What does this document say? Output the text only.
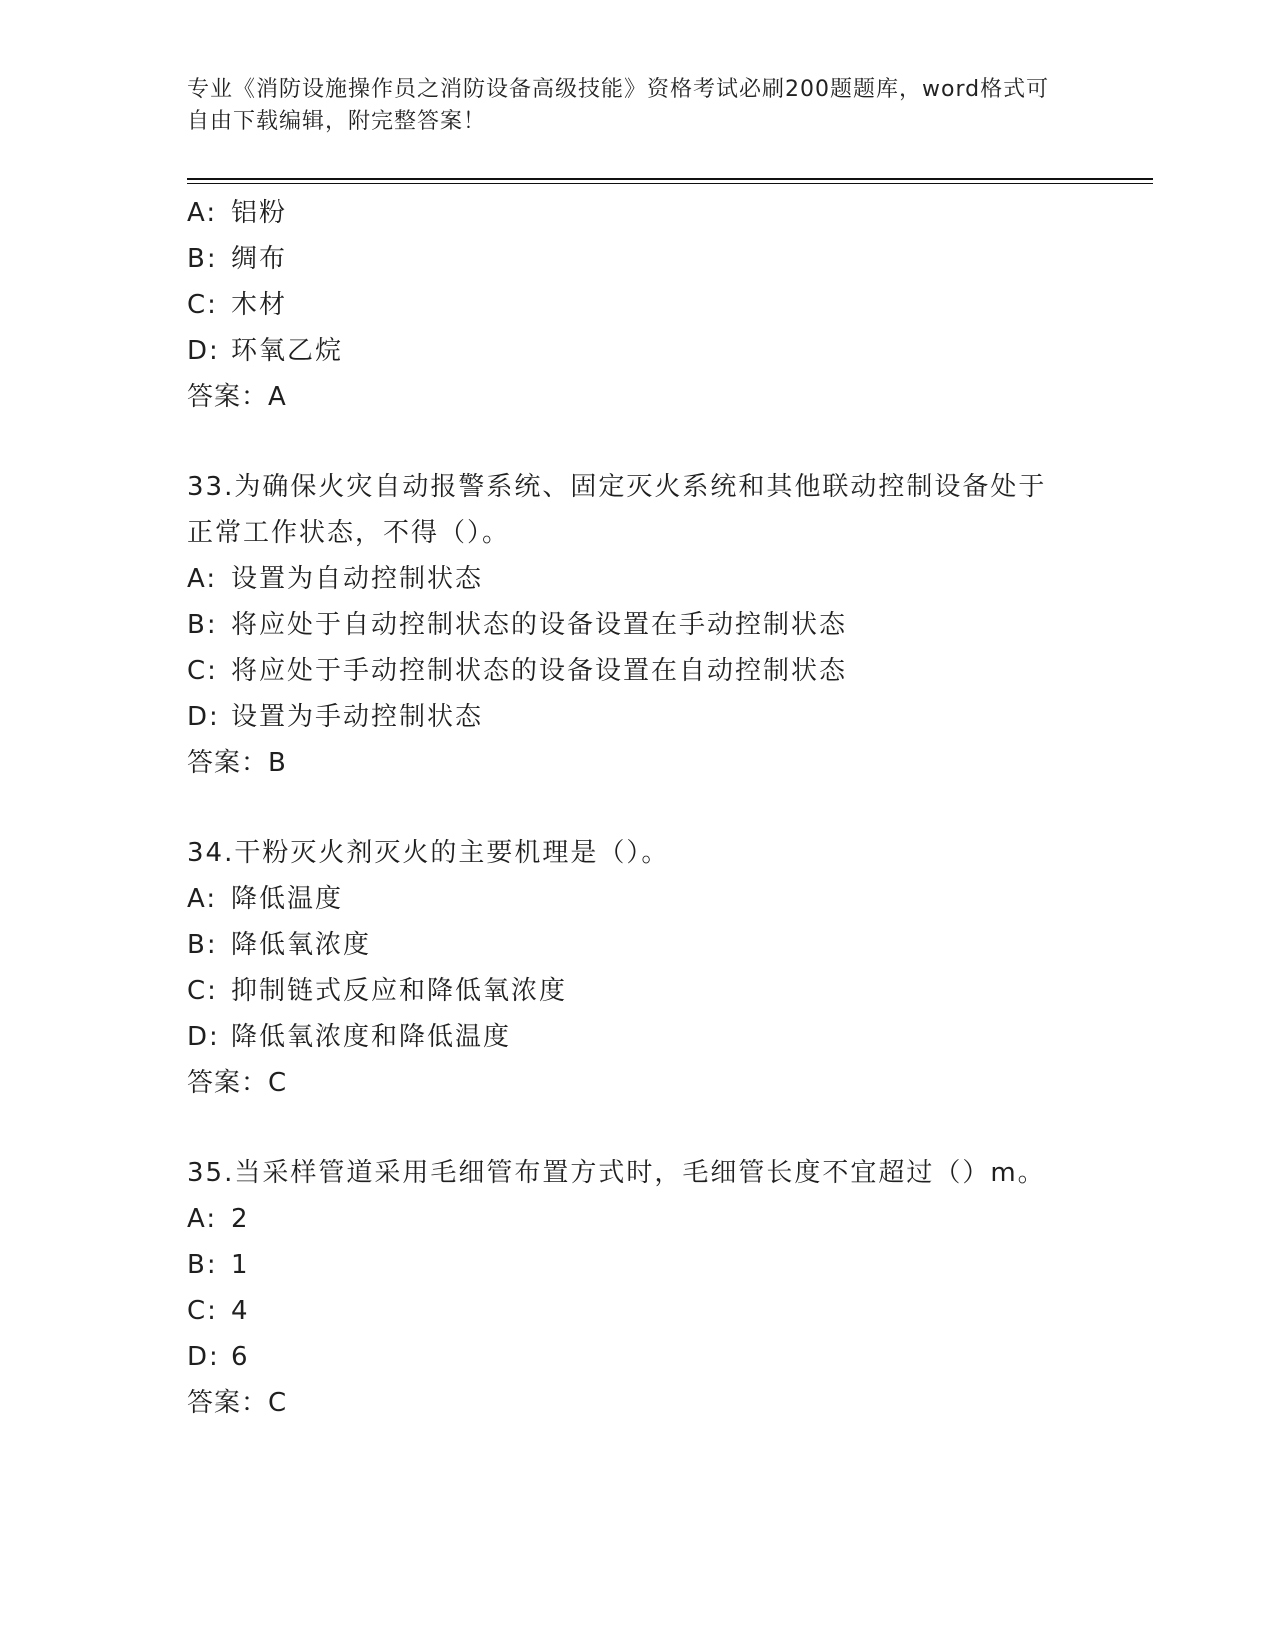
专业《消防设施操作员之消防设备高级技能》资格考试必刷200题题库，word格式可自由下载编辑，附完整答案！
A: 铝粉
B: 绸布
C: 木材
D: 环氧乙烷
答案：A
33.为确保火灾自动报警系统、固定灭火系统和其他联动控制设备处于正常工作状态，不得（）。
A: 设置为自动控制状态
B: 将应处于自动控制状态的设备设置在手动控制状态
C: 将应处于手动控制状态的设备设置在自动控制状态
D: 设置为手动控制状态
答案：B
34.干粉灭火剂灭火的主要机理是（）。
A: 降低温度
B: 降低氧浓度
C: 抑制链式反应和降低氧浓度
D: 降低氧浓度和降低温度
答案：C
35.当采样管道采用毛细管布置方式时，毛细管长度不宜超过（）m。
A: 2
B: 1
C: 4
D: 6
答案：C
